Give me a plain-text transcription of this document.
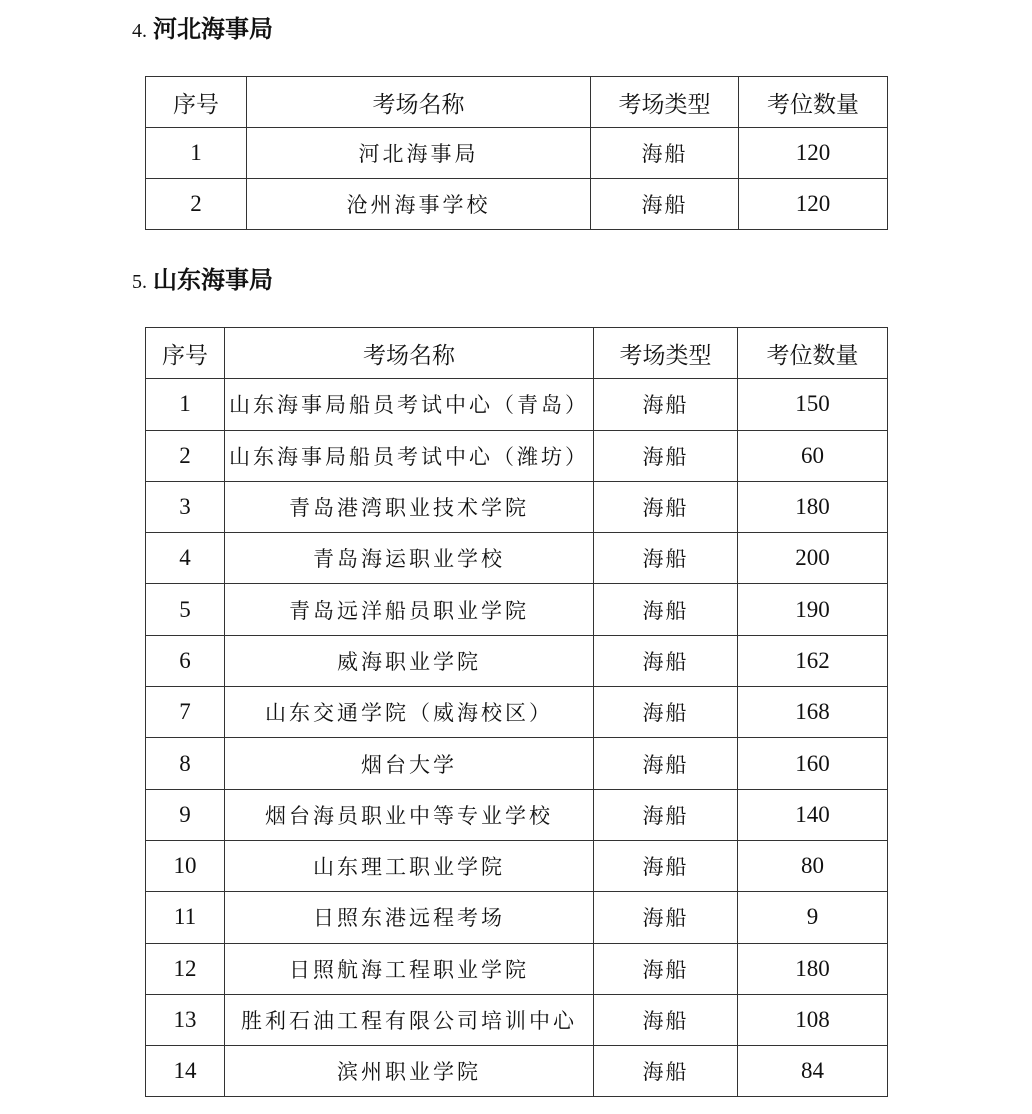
4. 河北海事局
序号	考场名称	考场类型	考位数量
1	河北海事局	海船	120
2	沧州海事学校	海船	120
5. 山东海事局
序号	考场名称	考场类型	考位数量
1	山东海事局船员考试中心（青岛）	海船	150
2	山东海事局船员考试中心（潍坊）	海船	60
3	青岛港湾职业技术学院	海船	180
4	青岛海运职业学校	海船	200
5	青岛远洋船员职业学院	海船	190
6	威海职业学院	海船	162
7	山东交通学院（威海校区）	海船	168
8	烟台大学	海船	160
9	烟台海员职业中等专业学校	海船	140
10	山东理工职业学院	海船	80
11	日照东港远程考场	海船	9
12	日照航海工程职业学院	海船	180
13	胜利石油工程有限公司培训中心	海船	108
14	滨州职业学院	海船	84
